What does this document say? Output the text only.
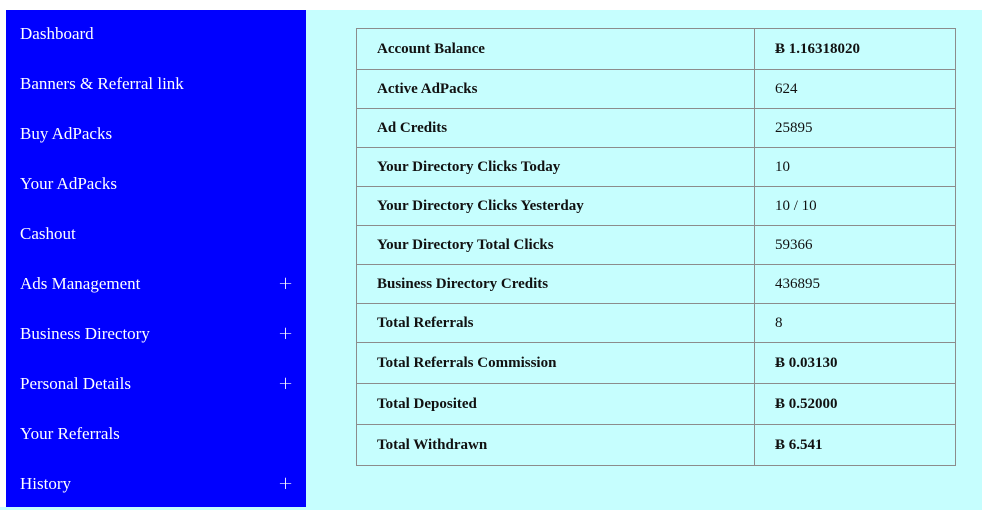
Dashboard
Banners & Referral link
Buy AdPacks
Your AdPacks
Cashout
Ads Management	+
Business Directory	+
Personal Details	+
Your Referrals
History	+
Account Balance	Ƀ 1.16318020
Active AdPacks	624
Ad Credits	25895
Your Directory Clicks Today	10
Your Directory Clicks Yesterday	10 / 10
Your Directory Total Clicks	59366
Business Directory Credits	436895
Total Referrals	8
Total Referrals Commission	Ƀ 0.03130
Total Deposited	Ƀ 0.52000
Total Withdrawn	Ƀ 6.541
